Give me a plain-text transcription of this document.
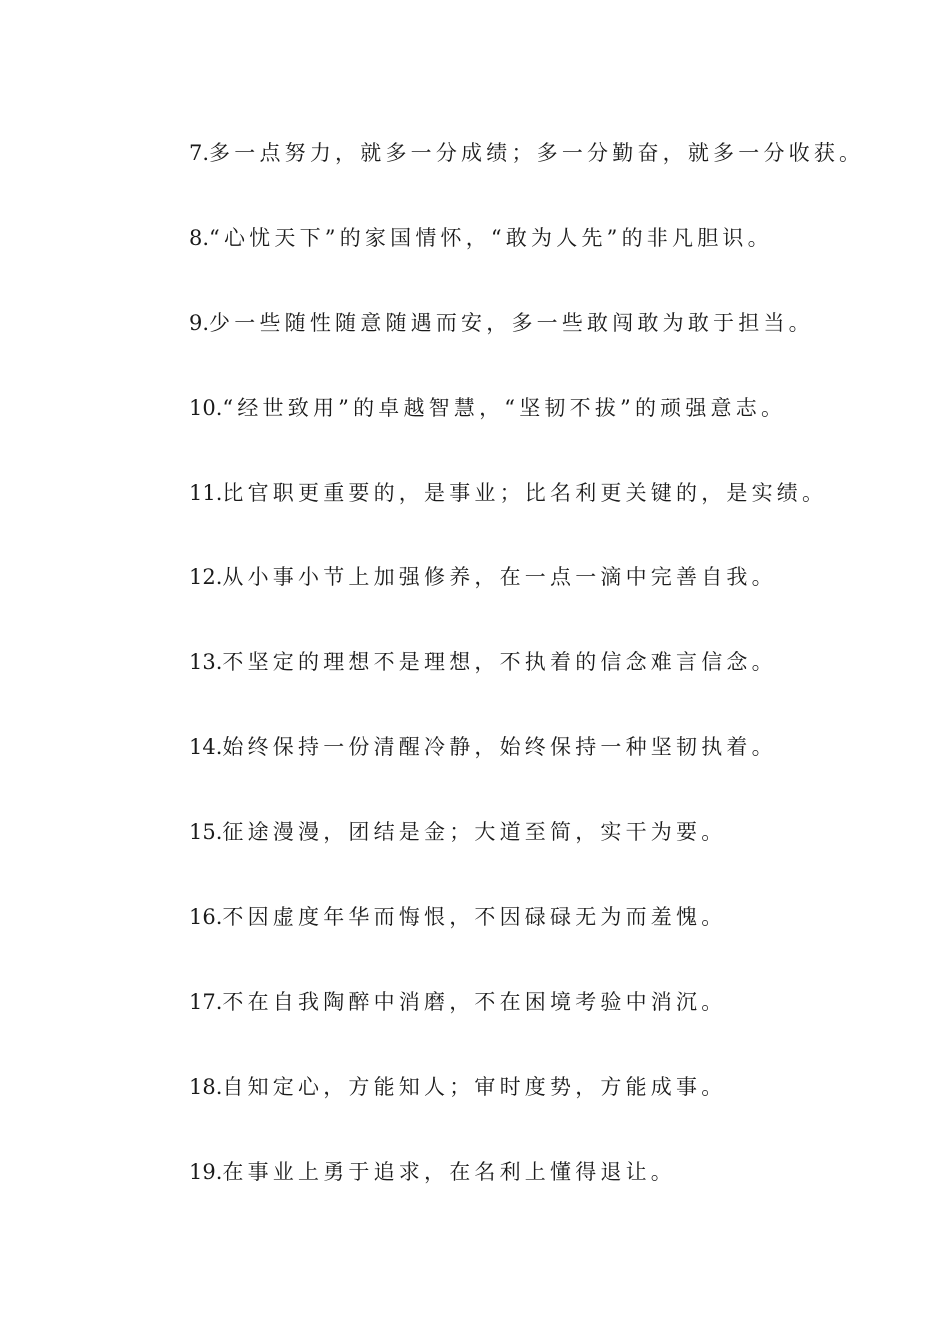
7.多一点努力，就多一分成绩；多一分勤奋，就多一分收获。
8.“心忧天下”的家国情怀，“敢为人先”的非凡胆识。
9.少一些随性随意随遇而安，多一些敢闯敢为敢于担当。
10.“经世致用”的卓越智慧，“坚韧不拔”的顽强意志。
11.比官职更重要的，是事业；比名利更关键的，是实绩。
12.从小事小节上加强修养，在一点一滴中完善自我。
13.不坚定的理想不是理想，不执着的信念难言信念。
14.始终保持一份清醒冷静，始终保持一种坚韧执着。
15.征途漫漫，团结是金；大道至简，实干为要。
16.不因虚度年华而悔恨，不因碌碌无为而羞愧。
17.不在自我陶醉中消磨，不在困境考验中消沉。
18.自知定心，方能知人；审时度势，方能成事。
19.在事业上勇于追求，在名利上懂得退让。
